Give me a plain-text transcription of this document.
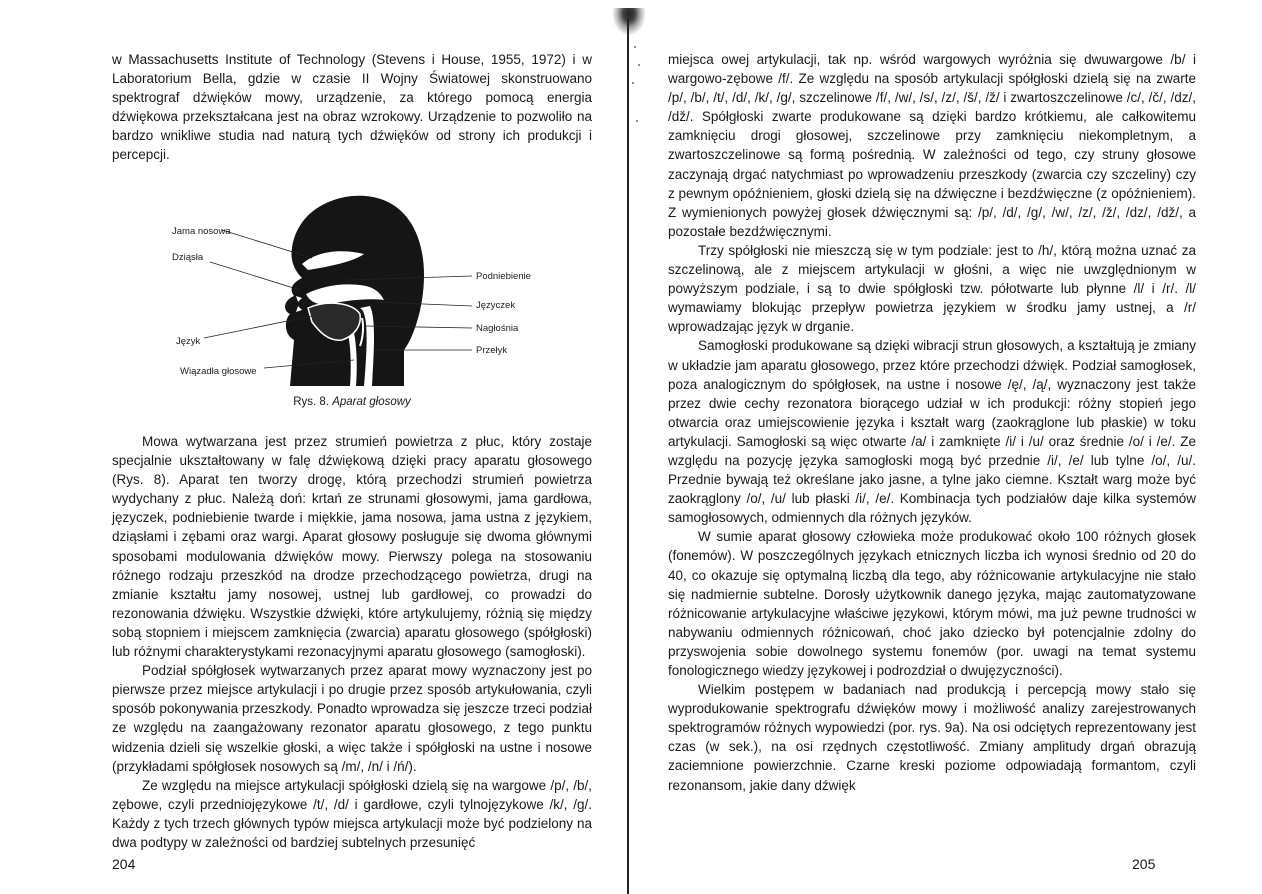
w Massachusetts Institute of Technology (Stevens i House, 1955, 1972) i w Laboratorium Bella, gdzie w czasie II Wojny Światowej skonstruowano spektrograf dźwięków mowy, urządzenie, za którego pomocą energia dźwiękowa przekształcana jest na obraz wzrokowy. Urządzenie to pozwoliło na bardzo wnikliwe studia nad naturą tych dźwięków od strony ich produkcji i percepcji.

Jama nosowa
Dziąsła
Język
Wiązadła głosowe
Podniebienie
Języczek
Nagłośnia
Przełyk
Rys. 8. Aparat głosowy

Mowa wytwarzana jest przez strumień powietrza z płuc, który zostaje specjalnie ukształtowany w falę dźwiękową dzięki pracy aparatu głosowego (Rys. 8). Aparat ten tworzy drogę, którą przechodzi strumień powietrza wydychany z płuc. Należą doń: krtań ze strunami głosowymi, jama gardłowa, języczek, podniebienie twarde i miękkie, jama nosowa, jama ustna z językiem, dziąsłami i zębami oraz wargi. Aparat głosowy posługuje się dwoma głównymi sposobami modulowania dźwięków mowy. Pierwszy polega na stosowaniu różnego rodzaju przeszkód na drodze przechodzącego powietrza, drugi na zmianie kształtu jamy nosowej, ustnej lub gardłowej, co prowadzi do rezonowania dźwięku. Wszystkie dźwięki, które artykulujemy, różnią się między sobą stopniem i miejscem zamknięcia (zwarcia) aparatu głosowego (spółgłoski) lub różnymi charakterystykami rezonacyjnymi aparatu głosowego (samogłoski).

Podział spółgłosek wytwarzanych przez aparat mowy wyznaczony jest po pierwsze przez miejsce artykulacji i po drugie przez sposób artykułowania, czyli sposób pokonywania przeszkody. Ponadto wprowadza się jeszcze trzeci podział ze względu na zaangażowany rezonator aparatu głosowego, z tego punktu widzenia dzieli się wszelkie głoski, a więc także i spółgłoski na ustne i nosowe (przykładami spółgłosek nosowych są /m/, /n/ i /ń/).

Ze względu na miejsce artykulacji spółgłoski dzielą się na wargowe /p/, /b/, zębowe, czyli przedniojęzykowe /t/, /d/ i gardłowe, czyli tylnojęzykowe /k/, /g/. Każdy z tych trzech głównych typów miejsca artykulacji może być podzielony na dwa podtypy w zależności od bardziej subtelnych przesunięć

204

miejsca owej artykulacji, tak np. wśród wargowych wyróżnia się dwuwargowe /b/ i wargowo-zębowe /f/. Ze względu na sposób artykulacji spółgłoski dzielą się na zwarte /p/, /b/, /t/, /d/, /k/, /g/, szczelinowe /f/, /w/, /s/, /z/, /š/, /ž/ i zwartoszczelinowe /c/, /č/, /dz/, /dž/. Spółgłoski zwarte produkowane są dzięki bardzo krótkiemu, ale całkowitemu zamknięciu drogi głosowej, szczelinowe przy zamknięciu niekompletnym, a zwartoszczelinowe są formą pośrednią. W zależności od tego, czy struny głosowe zaczynają drgać natychmiast po wprowadzeniu przeszkody (zwarcia czy szczeliny) czy z pewnym opóźnieniem, głoski dzielą się na dźwięczne i bezdźwięczne (z opóźnieniem). Z wymienionych powyżej głosek dźwięcznymi są: /p/, /d/, /g/, /w/, /z/, /ž/, /dz/, /dž/, a pozostałe bezdźwięcznymi.

Trzy spółgłoski nie mieszczą się w tym podziale: jest to /h/, którą można uznać za szczelinową, ale z miejscem artykulacji w głośni, a więc nie uwzględnionym w powyższym podziale, i są to dwie spółgłoski tzw. półotwarte lub płynne /l/ i /r/. /l/ wymawiamy blokując przepływ powietrza językiem w środku jamy ustnej, a /r/ wprowadzając język w drganie.

Samogłoski produkowane są dzięki wibracji strun głosowych, a kształtują je zmiany w układzie jam aparatu głosowego, przez które przechodzi dźwięk. Podział samogłosek, poza analogicznym do spółgłosek, na ustne i nosowe /ę/, /ą/, wyznaczony jest także przez dwie cechy rezonatora biorącego udział w ich produkcji: różny stopień jego otwarcia oraz umiejscowienie języka i kształt warg (zaokrąglone lub płaskie) w toku artykulacji. Samogłoski są więc otwarte /a/ i zamknięte /i/ i /u/ oraz średnie /o/ i /e/. Ze względu na pozycję języka samogłoski mogą być przednie /i/, /e/ lub tylne /o/, /u/. Przednie bywają też określane jako jasne, a tylne jako ciemne. Kształt warg może być zaokrąglony /o/, /u/ lub płaski /i/, /e/. Kombinacja tych podziałów daje kilka systemów samogłosowych, odmiennych dla różnych języków.

W sumie aparat głosowy człowieka może produkować około 100 różnych głosek (fonemów). W poszczególnych językach etnicznych liczba ich wynosi średnio od 20 do 40, co okazuje się optymalną liczbą dla tego, aby różnicowanie artykulacyjne nie stało się nadmiernie subtelne. Dorosły użytkownik danego języka, mając zautomatyzowane różnicowanie artykulacyjne właściwe językowi, którym mówi, ma już pewne trudności w nabywaniu odmiennych różnicowań, choć jako dziecko był potencjalnie zdolny do przyswojenia sobie dowolnego systemu fonemów (por. uwagi na temat systemu fonologicznego wiedzy językowej i podrozdział o dwujęzyczności).

Wielkim postępem w badaniach nad produkcją i percepcją mowy stało się wyprodukowanie spektrografu dźwięków mowy i możliwość analizy zarejestrowanych spektrogramów różnych wypowiedzi (por. rys. 9a). Na osi odciętych reprezentowany jest czas (w sek.), na osi rzędnych częstotliwość. Zmiany amplitudy drgań obrazują zaciemnione powierzchnie. Czarne kreski poziome odpowiadają formantom, czyli rezonansom, jakie dany dźwięk

205
